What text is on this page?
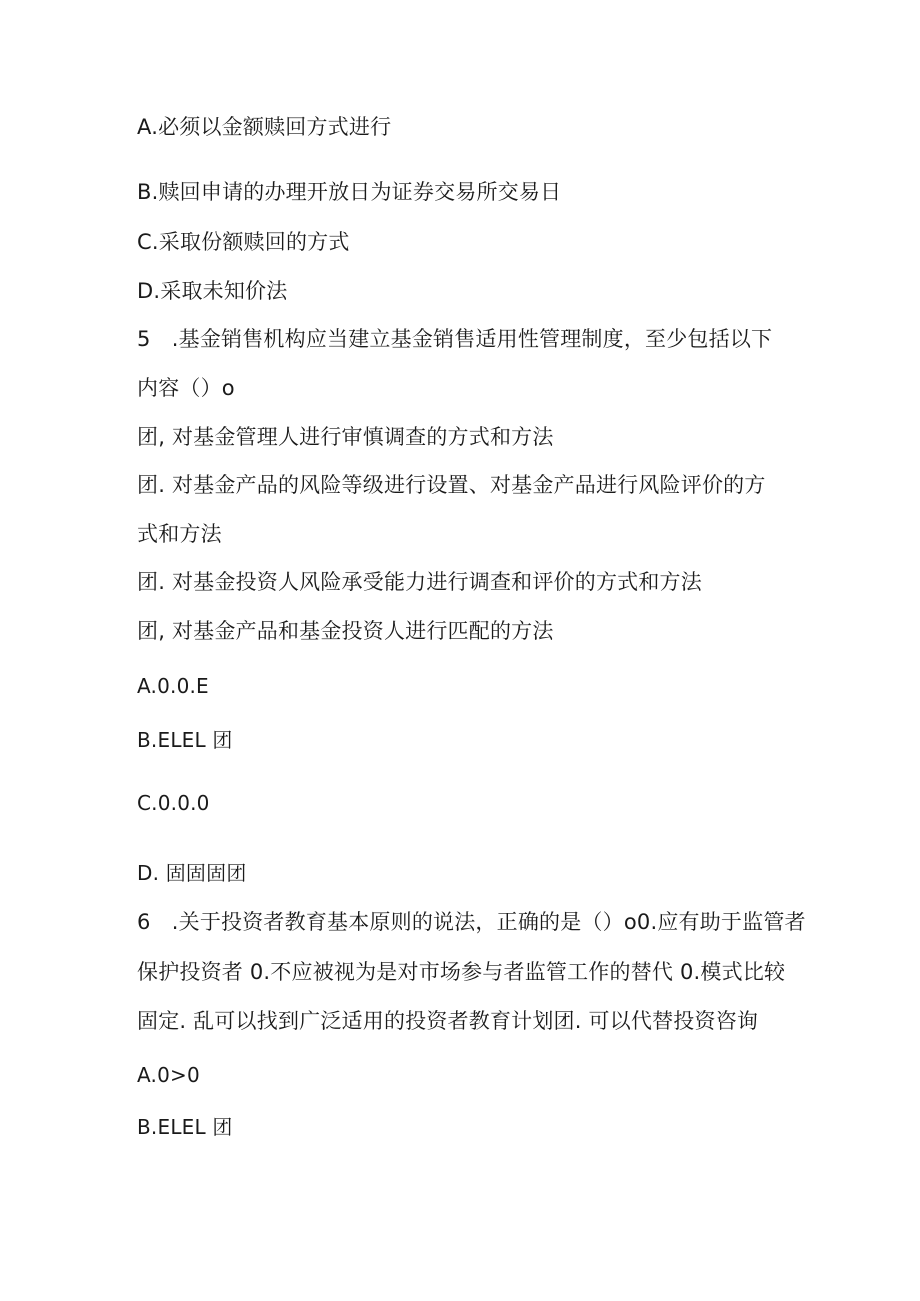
A.必须以金额赎回方式进行
B.赎回申请的办理开放日为证券交易所交易日
C.采取份额赎回的方式
D.采取未知价法
5　.基金销售机构应当建立基金销售适用性管理制度，至少包括以下
内容（）o
团, 对基金管理人进行审慎调查的方式和方法
团. 对基金产品的风险等级进行设置、对基金产品进行风险评价的方
式和方法
团. 对基金投资人风险承受能力进行调查和评价的方式和方法
团, 对基金产品和基金投资人进行匹配的方法
A.0.0.E
B.ELEL 团
C.0.0.0
D. 固固固团
6　.关于投资者教育基本原则的说法，正确的是（）o0.应有助于监管者
保护投资者 0.不应被视为是对市场参与者监管工作的替代 0.模式比较
固定. 乱可以找到广泛适用的投资者教育计划团. 可以代替投资咨询
A.0>0
B.ELEL 团
